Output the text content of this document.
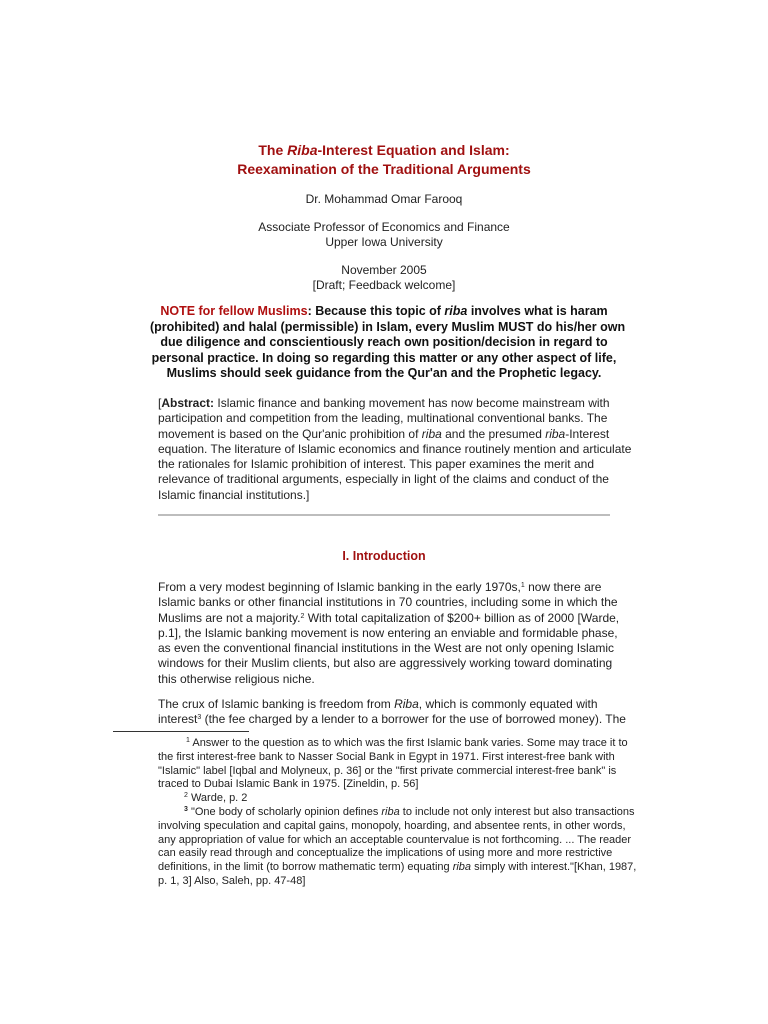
The Riba-Interest Equation and Islam:
Reexamination of the Traditional Arguments
Dr. Mohammad Omar Farooq
Associate Professor of Economics and Finance
Upper Iowa University
November 2005
[Draft; Feedback welcome]
NOTE for fellow Muslims: Because this topic of riba involves what is haram
(prohibited) and halal (permissible) in Islam, every Muslim MUST do his/her own
due diligence and conscientiously reach own position/decision in regard to
personal practice. In doing so regarding this matter or any other aspect of life,
Muslims should seek guidance from the Qur'an and the Prophetic legacy.
[Abstract: Islamic finance and banking movement has now become mainstream with
participation and competition from the leading, multinational conventional banks. The
movement is based on the Qur'anic prohibition of riba and the presumed riba-Interest
equation. The literature of Islamic economics and finance routinely mention and articulate
the rationales for Islamic prohibition of interest. This paper examines the merit and
relevance of traditional arguments, especially in light of the claims and conduct of the
Islamic financial institutions.]
I. Introduction
From a very modest beginning of Islamic banking in the early 1970s,$^1$ now there are
Islamic banks or other financial institutions in 70 countries, including some in which the
Muslims are not a majority.$^2$ With total capitalization of $200+ billion as of 2000 [Warde,
p.1], the Islamic banking movement is now entering an enviable and formidable phase,
as even the conventional financial institutions in the West are not only opening Islamic
windows for their Muslim clients, but also are aggressively working toward dominating
this otherwise religious niche.
The crux of Islamic banking is freedom from Riba, which is commonly equated with
interest$^3$ (the fee charged by a lender to a borrower for the use of borrowed money). The
$^1$ Answer to the question as to which was the first Islamic bank varies. Some may trace it to
the first interest-free bank to Nasser Social Bank in Egypt in 1971. First interest-free bank with
"Islamic" label [Iqbal and Molyneux, p. 36] or the "first private commercial interest-free bank" is
traced to Dubai Islamic Bank in 1975. [Zineldin, p. 56]
$^2$ Warde, p. 2
$^3$ "One body of scholarly opinion defines riba to include not only interest but also transactions
involving speculation and capital gains, monopoly, hoarding, and absentee rents, in other words,
any appropriation of value for which an acceptable countervalue is not forthcoming. ... The reader
can easily read through and conceptualize the implications of using more and more restrictive
definitions, in the limit (to borrow mathematic term) equating riba simply with interest."[Khan, 1987,
p. 1, 3] Also, Saleh, pp. 47-48]
